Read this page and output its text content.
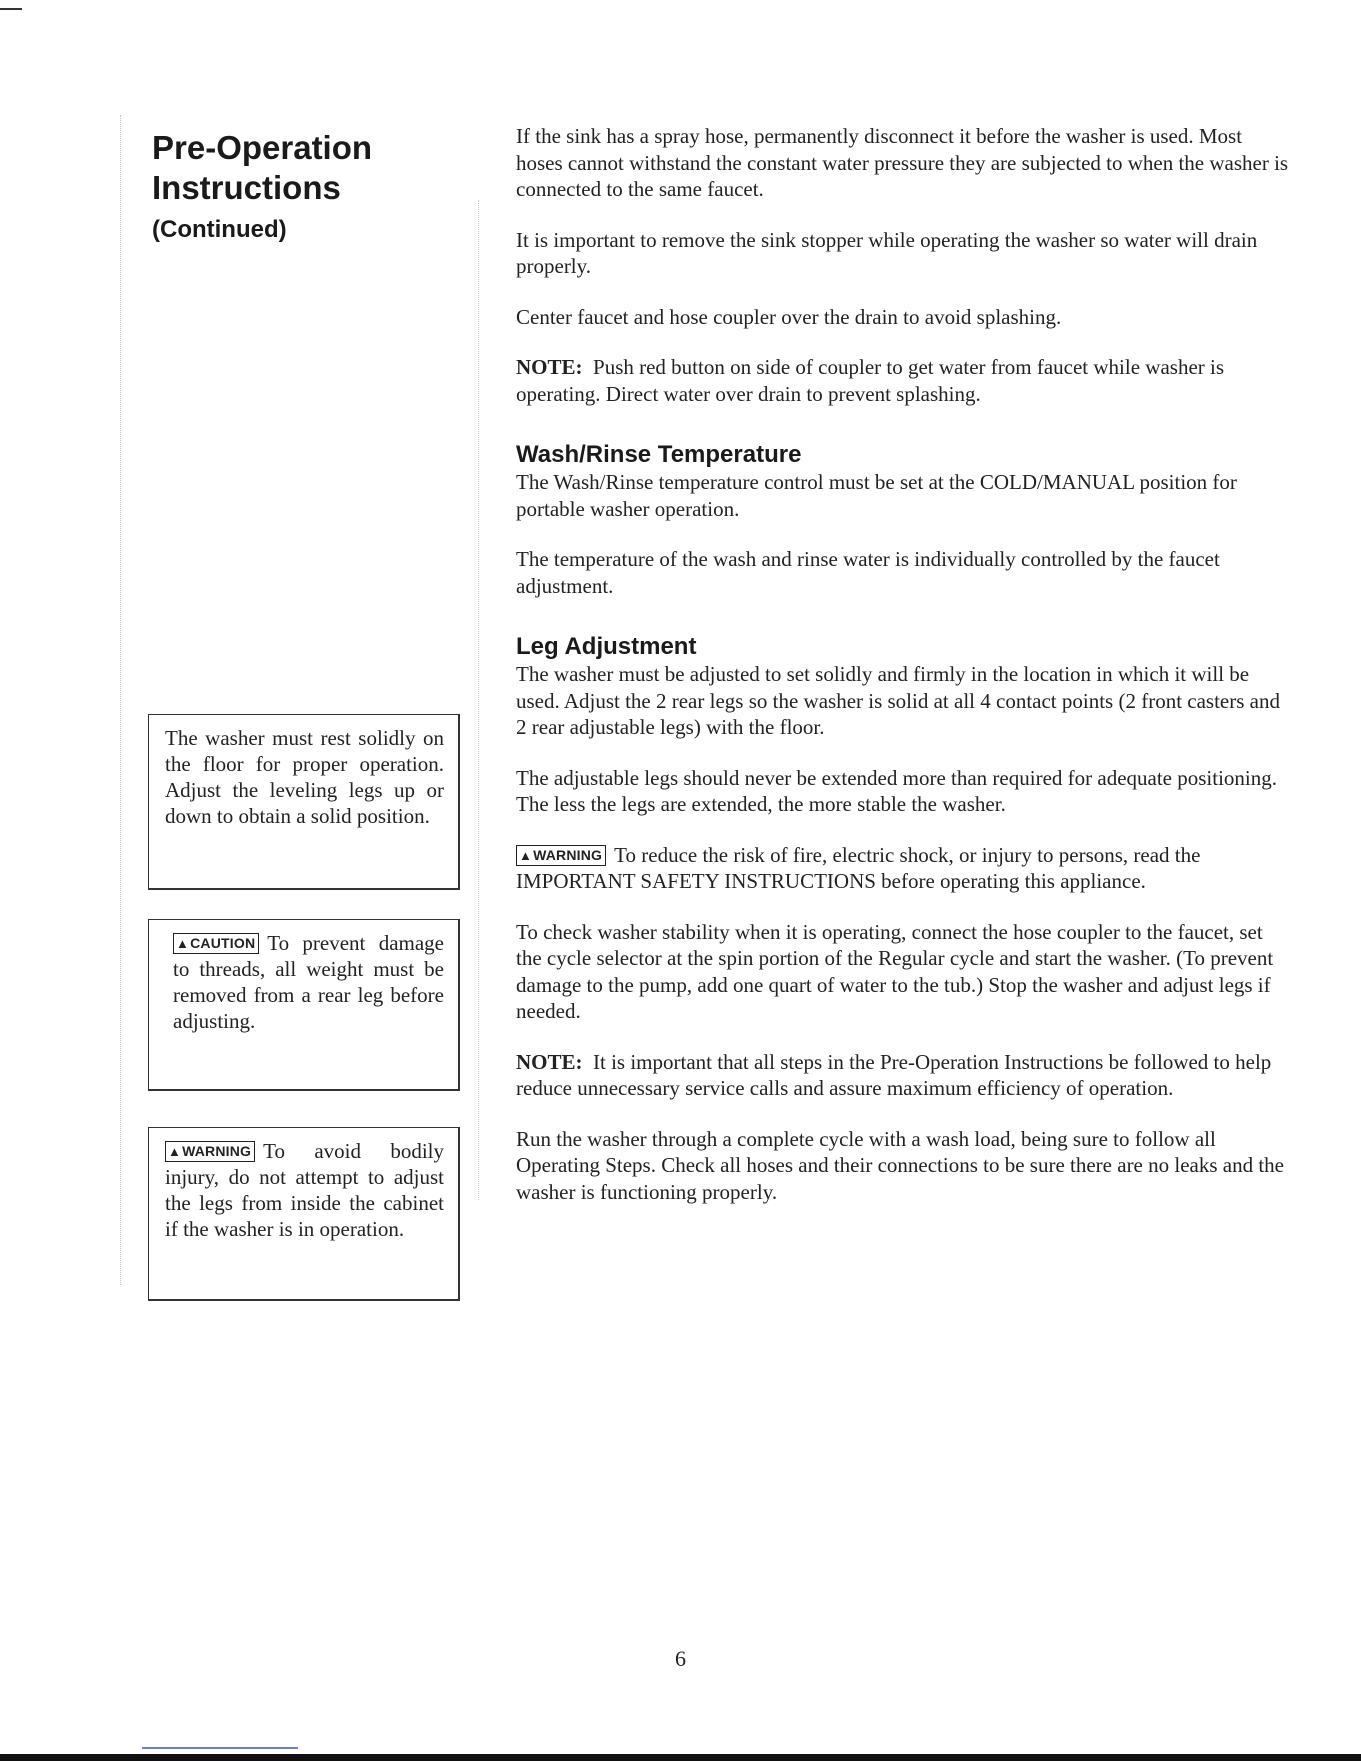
Pre-Operation
Instructions
(Continued)
The washer must rest solidly on the floor for proper operation. Adjust the leveling legs up or down to obtain a solid position.
▲CAUTION To prevent damage to threads, all weight must be removed from a rear leg before adjusting.
▲WARNING To avoid bodily injury, do not attempt to adjust the legs from inside the cabinet if the washer is in operation.

If the sink has a spray hose, permanently disconnect it before the washer is used. Most hoses cannot withstand the constant water pressure they are subjected to when the washer is connected to the same faucet.

It is important to remove the sink stopper while operating the washer so water will drain properly.

Center faucet and hose coupler over the drain to avoid splashing.

NOTE: Push red button on side of coupler to get water from faucet while washer is operating. Direct water over drain to prevent splashing.

Wash/Rinse Temperature

The Wash/Rinse temperature control must be set at the COLD/MANUAL position for portable washer operation.

The temperature of the wash and rinse water is individually controlled by the faucet adjustment.

Leg Adjustment

The washer must be adjusted to set solidly and firmly in the location in which it will be used. Adjust the 2 rear legs so the washer is solid at all 4 contact points (2 front casters and 2 rear adjustable legs) with the floor.

The adjustable legs should never be extended more than required for adequate positioning. The less the legs are extended, the more stable the washer.

▲WARNING To reduce the risk of fire, electric shock, or injury to persons, read the IMPORTANT SAFETY INSTRUCTIONS before operating this appliance.

To check washer stability when it is operating, connect the hose coupler to the faucet, set the cycle selector at the spin portion of the Regular cycle and start the washer. (To prevent damage to the pump, add one quart of water to the tub.) Stop the washer and adjust legs if needed.

NOTE: It is important that all steps in the Pre-Operation Instructions be followed to help reduce unnecessary service calls and assure maximum efficiency of operation.

Run the washer through a complete cycle with a wash load, being sure to follow all Operating Steps. Check all hoses and their connections to be sure there are no leaks and the washer is functioning properly.

6
